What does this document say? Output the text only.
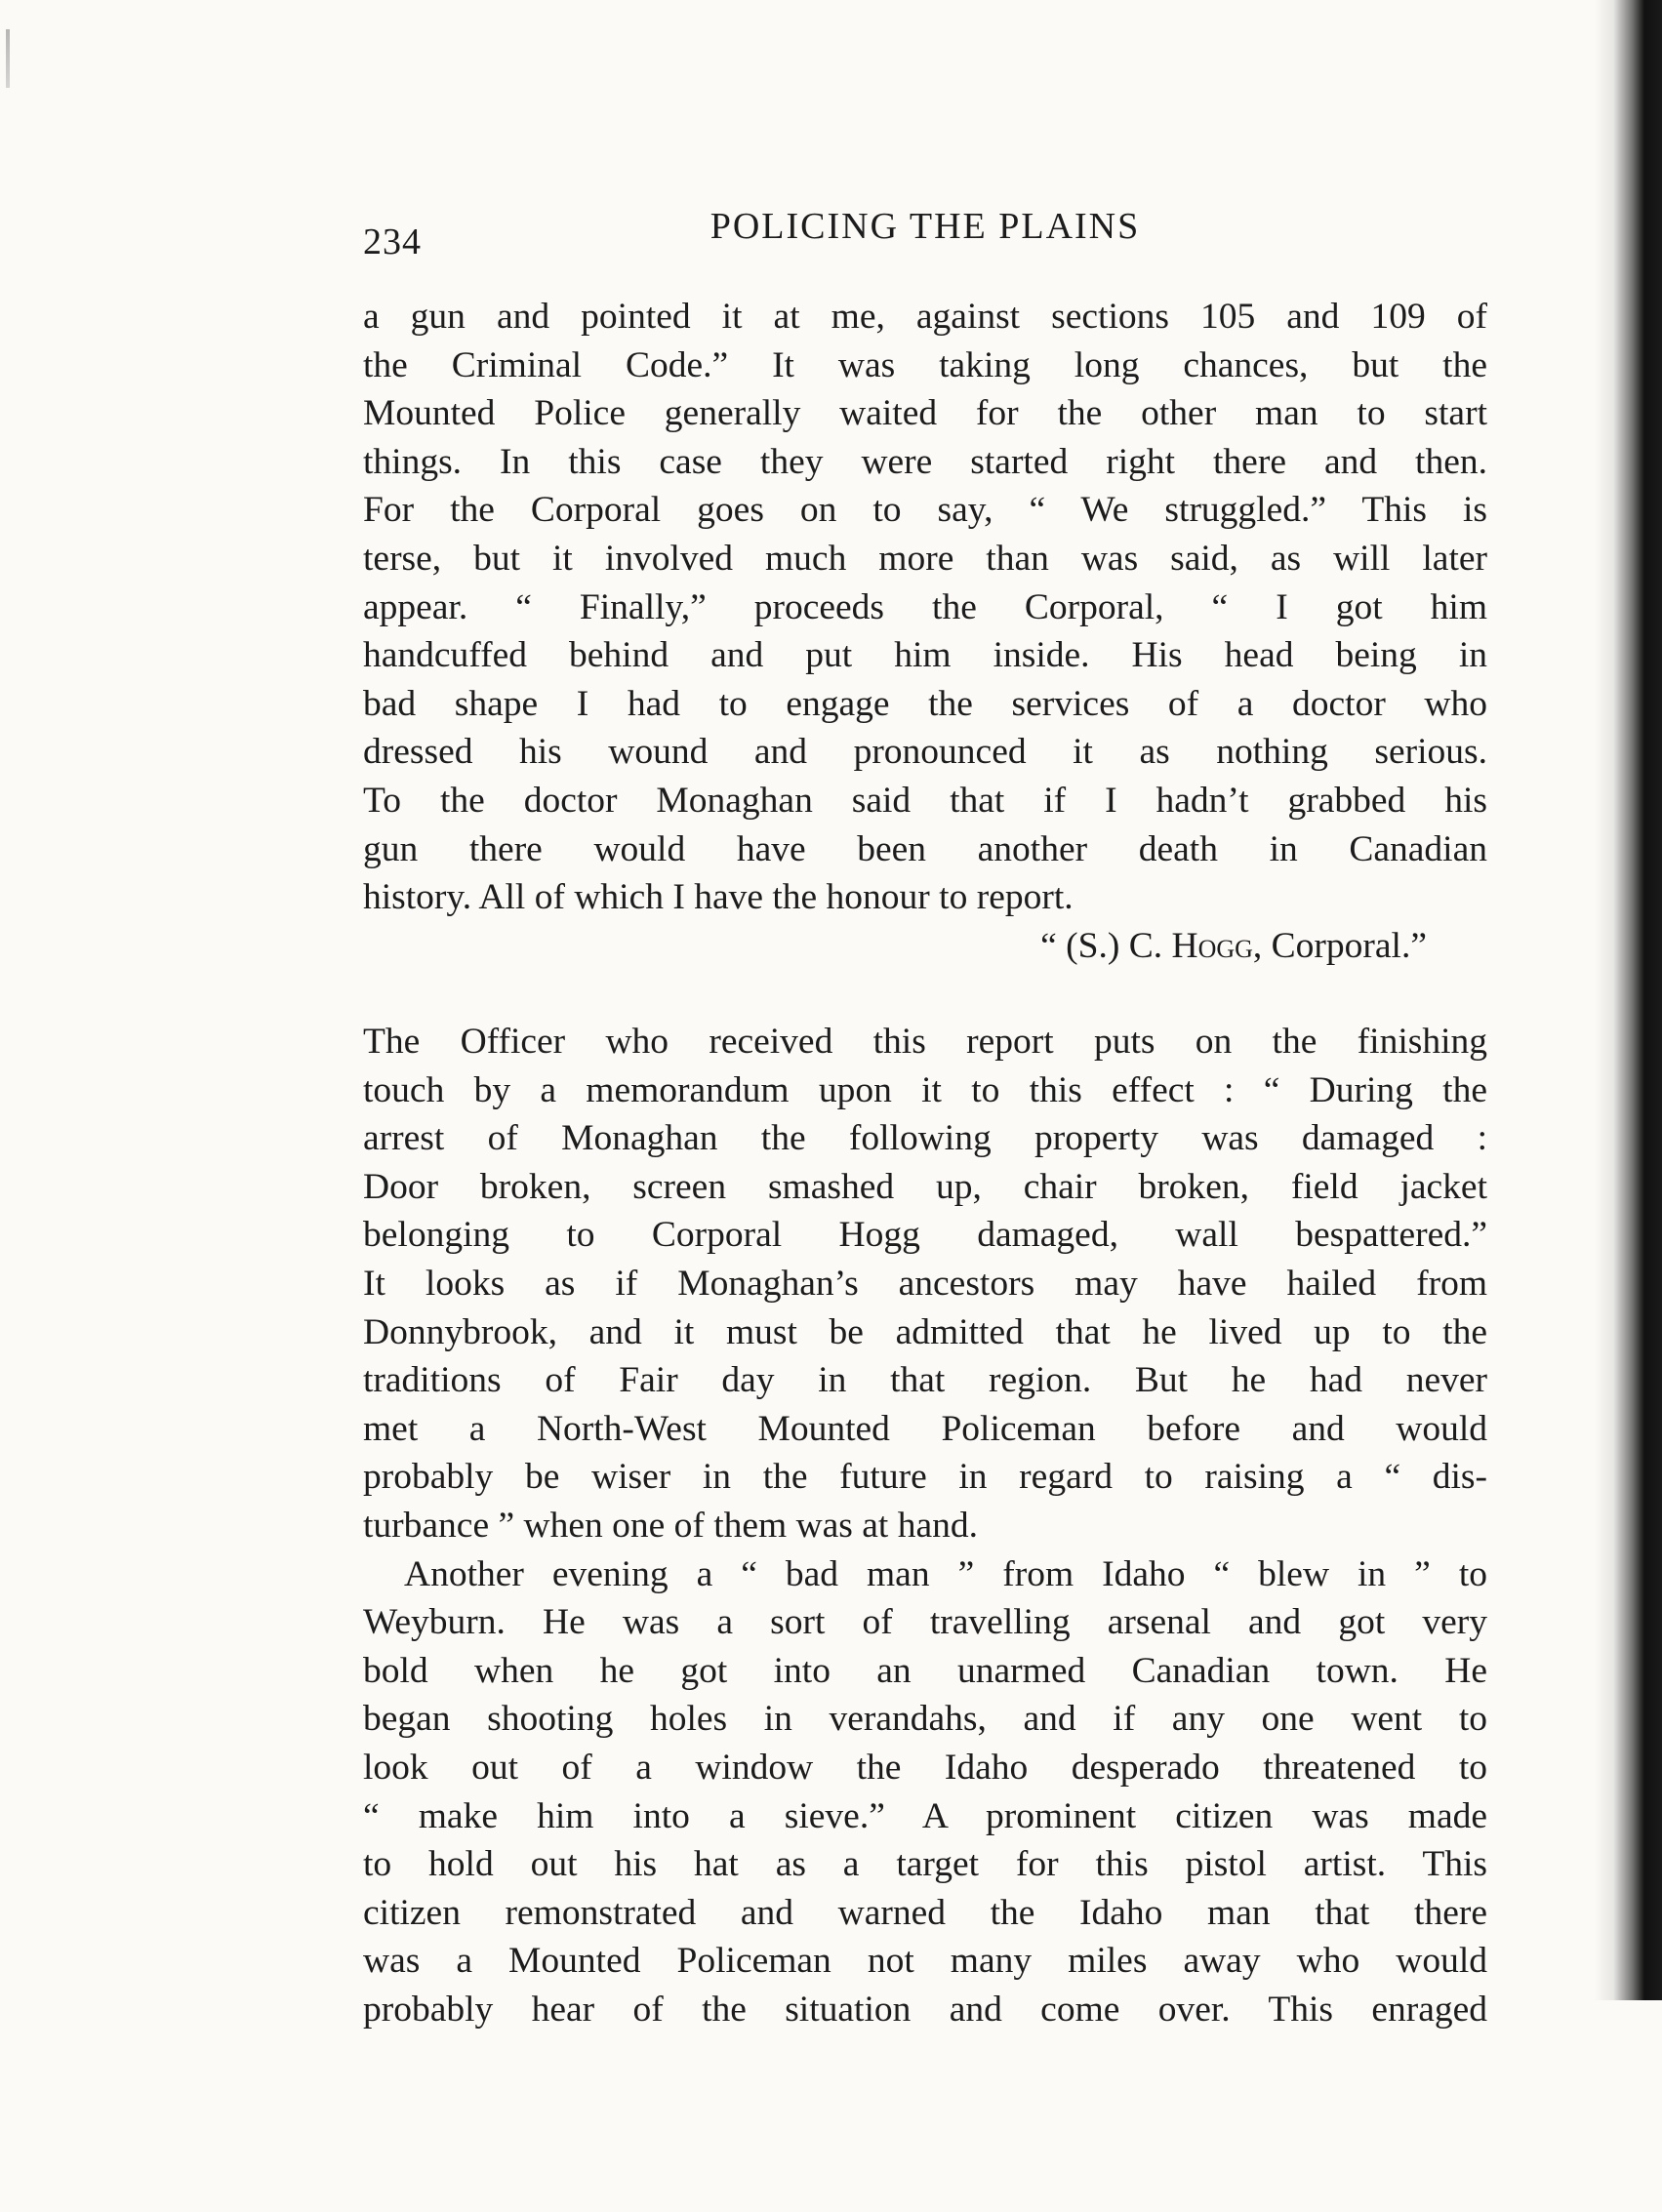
234	POLICING THE PLAINS
a gun and pointed it at me, against sections 105 and 109 of
the Criminal Code.” It was taking long chances, but the
Mounted Police generally waited for the other man to start
things. In this case they were started right there and then.
For the Corporal goes on to say, “ We struggled.” This is
terse, but it involved much more than was said, as will later
appear. “ Finally,” proceeds the Corporal, “ I got him
handcuffed behind and put him inside. His head being in
bad shape I had to engage the services of a doctor who
dressed his wound and pronounced it as nothing serious.
To the doctor Monaghan said that if I hadn’t grabbed his
gun there would have been another death in Canadian
history. All of which I have the honour to report.
“ (S.) C. Hogg, Corporal.”
The Officer who received this report puts on the finishing
touch by a memorandum upon it to this effect : “ During the
arrest of Monaghan the following property was damaged :
Door broken, screen smashed up, chair broken, field jacket
belonging to Corporal Hogg damaged, wall bespattered.”
It looks as if Monaghan’s ancestors may have hailed from
Donnybrook, and it must be admitted that he lived up to the
traditions of Fair day in that region. But he had never
met a North-West Mounted Policeman before and would
probably be wiser in the future in regard to raising a “ dis-
turbance ” when one of them was at hand.
Another evening a “ bad man ” from Idaho “ blew in ” to
Weyburn. He was a sort of travelling arsenal and got very
bold when he got into an unarmed Canadian town. He
began shooting holes in verandahs, and if any one went to
look out of a window the Idaho desperado threatened to
“ make him into a sieve.” A prominent citizen was made
to hold out his hat as a target for this pistol artist. This
citizen remonstrated and warned the Idaho man that there
was a Mounted Policeman not many miles away who would
probably hear of the situation and come over. This enraged
